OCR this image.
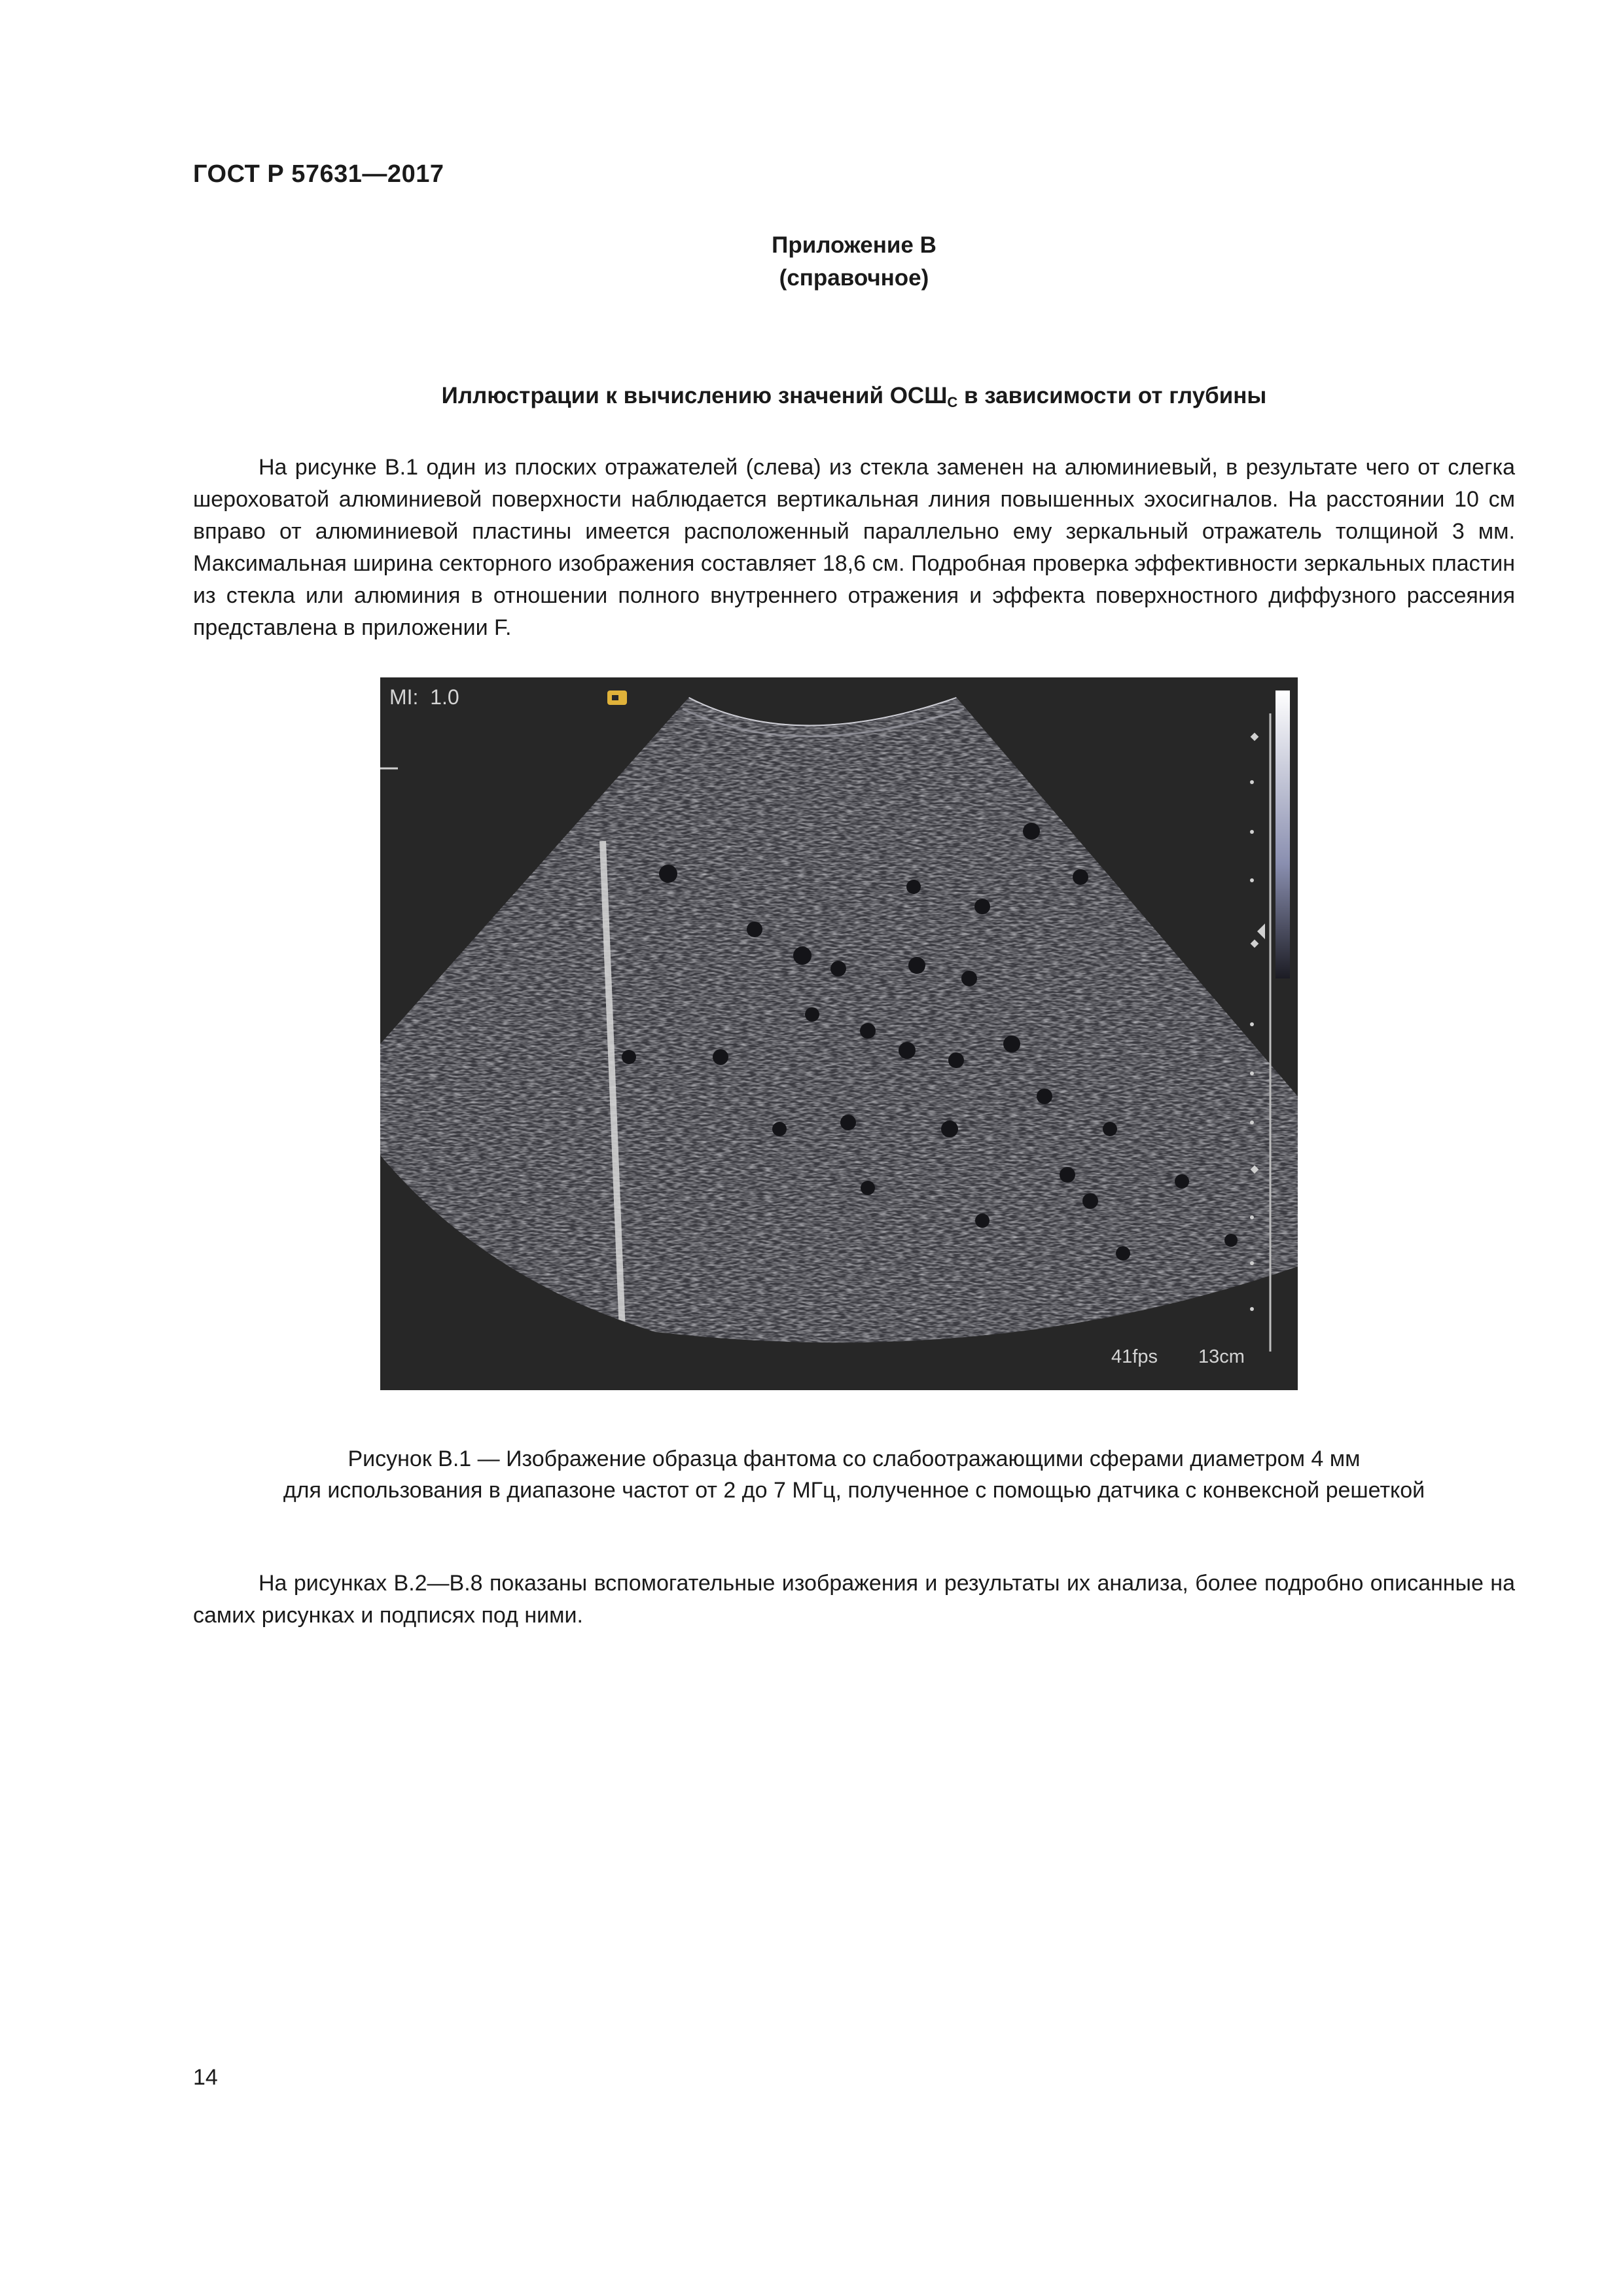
ГОСТ Р 57631—2017
Приложение В
(справочное)
Иллюстрации к вычислению значений $ОСШ_C$ в зависимости от глубины

На рисунке В.1 один из плоских отражателей (слева) из стекла заменен на алюминиевый, в результате чего от слегка шероховатой алюминиевой поверхности наблюдается вертикальная линия повышенных эхосигналов. На расстоянии 10 см вправо от алюминиевой пластины имеется расположенный параллельно ему зеркальный отражатель толщиной 3 мм. Максимальная ширина секторного изображения составляет 18,6 см. Подробная проверка эффективности зеркальных пластин из стекла или алюминия в отношении полного внутреннего отражения и эффекта поверхностного диффузного рассеяния представлена в приложении F.

MI: 1.0
41fps 13cm
Рисунок В.1 — Изображение образца фантома со слабоотражающими сферами диаметром 4 мм
для использования в диапазоне частот от 2 до 7 МГц, полученное с помощью датчика с конвексной решеткой

На рисунках В.2—В.8 показаны вспомогательные изображения и результаты их анализа, более подробно описанные на самих рисунках и подписях под ними.

14
